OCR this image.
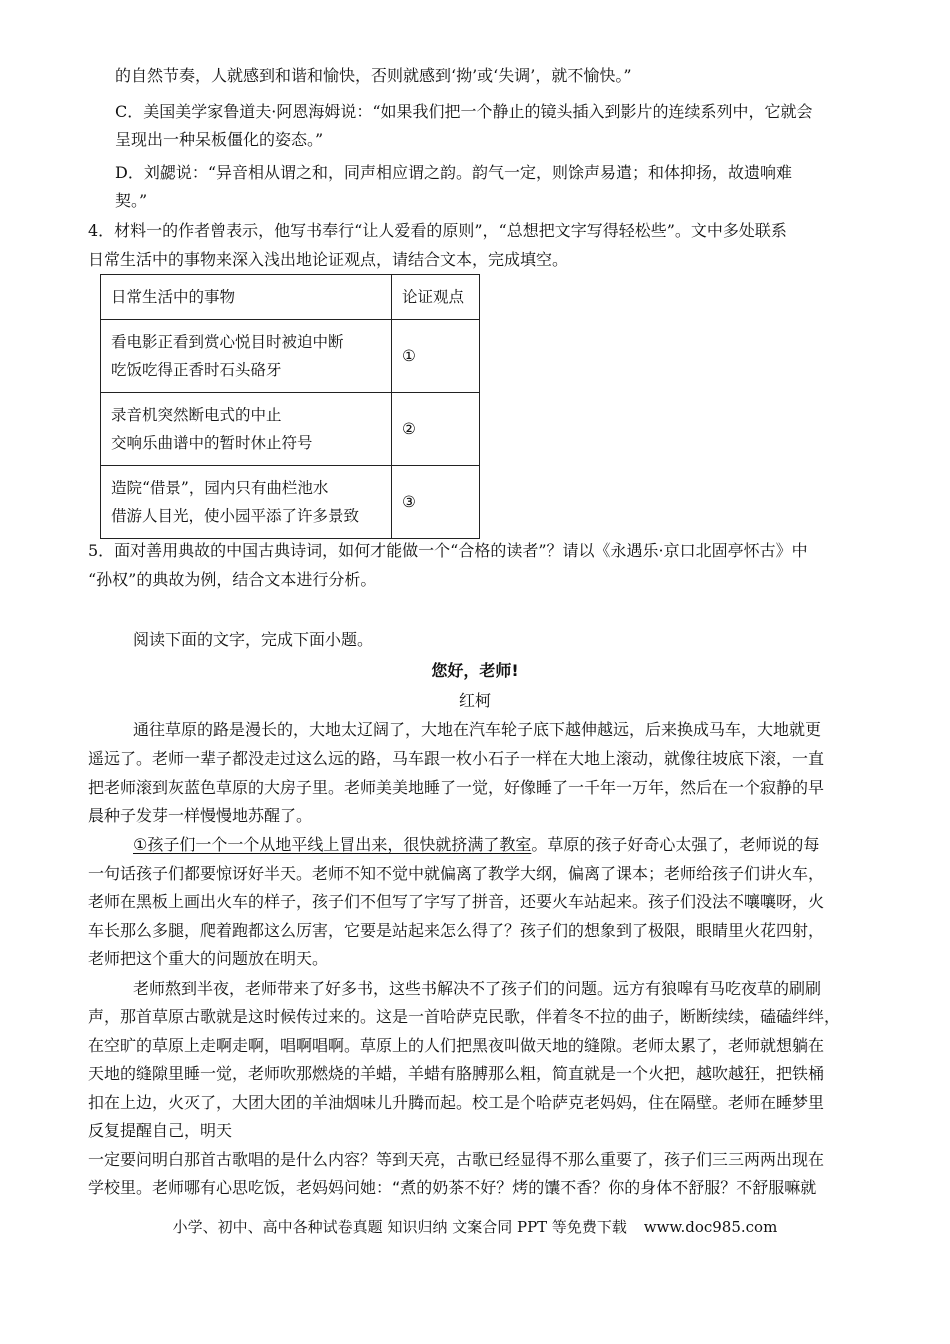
的自然节奏，人就感到和谐和愉快，否则就感到‘拗’或‘失调’，就不愉快。”
C．美国美学家鲁道夫·阿恩海姆说：“如果我们把一个静止的镜头插入到影片的连续系列中，它就会
呈现出一种呆板僵化的姿态。”
D．刘勰说：“异音相从谓之和，同声相应谓之韵。韵气一定，则馀声易遣；和体抑扬，故遗响难
契。”
4．材料一的作者曾表示，他写书奉行“让人爱看的原则”，“总想把文字写得轻松些”。文中多处联系
日常生活中的事物来深入浅出地论证观点，请结合文本，完成填空。
日常生活中的事物	论证观点

看电影正看到赏心悦目时被迫中断
吃饭吃得正香时石头硌牙	①

录音机突然断电式的中止
交响乐曲谱中的暂时休止符号	②

造院“借景”，园内只有曲栏池水
借游人目光，使小园平添了许多景致	③
5．面对善用典故的中国古典诗词，如何才能做一个“合格的读者”？请以《永遇乐·京口北固亭怀古》中
“孙权”的典故为例，结合文本进行分析。
阅读下面的文字，完成下面小题。
您好，老师!
红柯
通往草原的路是漫长的，大地太辽阔了，大地在汽车轮子底下越伸越远，后来换成马车，大地就更
遥远了。老师一辈子都没走过这么远的路，马车跟一枚小石子一样在大地上滚动，就像往坡底下滚，一直
把老师滚到灰蓝色草原的大房子里。老师美美地睡了一觉，好像睡了一千年一万年，然后在一个寂静的早
晨种子发芽一样慢慢地苏醒了。
①孩子们一个一个从地平线上冒出来，很快就挤满了教室。草原的孩子好奇心太强了，老师说的每
一句话孩子们都要惊讶好半天。老师不知不觉中就偏离了教学大纲，偏离了课本；老师给孩子们讲火车，
老师在黑板上画出火车的样子，孩子们不但写了字写了拼音，还要火车站起来。孩子们没法不嚷嚷呀，火
车长那么多腿，爬着跑都这么厉害，它要是站起来怎么得了？孩子们的想象到了极限，眼睛里火花四射，
老师把这个重大的问题放在明天。
老师熬到半夜，老师带来了好多书，这些书解决不了孩子们的问题。远方有狼嗥有马吃夜草的刷刷
声，那首草原古歌就是这时候传过来的。这是一首哈萨克民歌，伴着冬不拉的曲子，断断续续，磕磕绊绊，
在空旷的草原上走啊走啊，唱啊唱啊。草原上的人们把黑夜叫做天地的缝隙。老师太累了，老师就想躺在
天地的缝隙里睡一觉，老师吹那燃烧的羊蜡，羊蜡有胳膊那么粗，简直就是一个火把，越吹越狂，把铁桶
扣在上边，火灭了，大团大团的羊油烟味儿升腾而起。校工是个哈萨克老妈妈，住在隔壁。老师在睡梦里
反复提醒自己，明天
一定要问明白那首古歌唱的是什么内容？等到天亮，古歌已经显得不那么重要了，孩子们三三两两出现在
学校里。老师哪有心思吃饭，老妈妈问她：“煮的奶茶不好？烤的馕不香？你的身体不舒服？不舒服嘛就
小学、初中、高中各种试卷真题 知识归纳 文案合同 PPT 等免费下载 www.doc985.com
